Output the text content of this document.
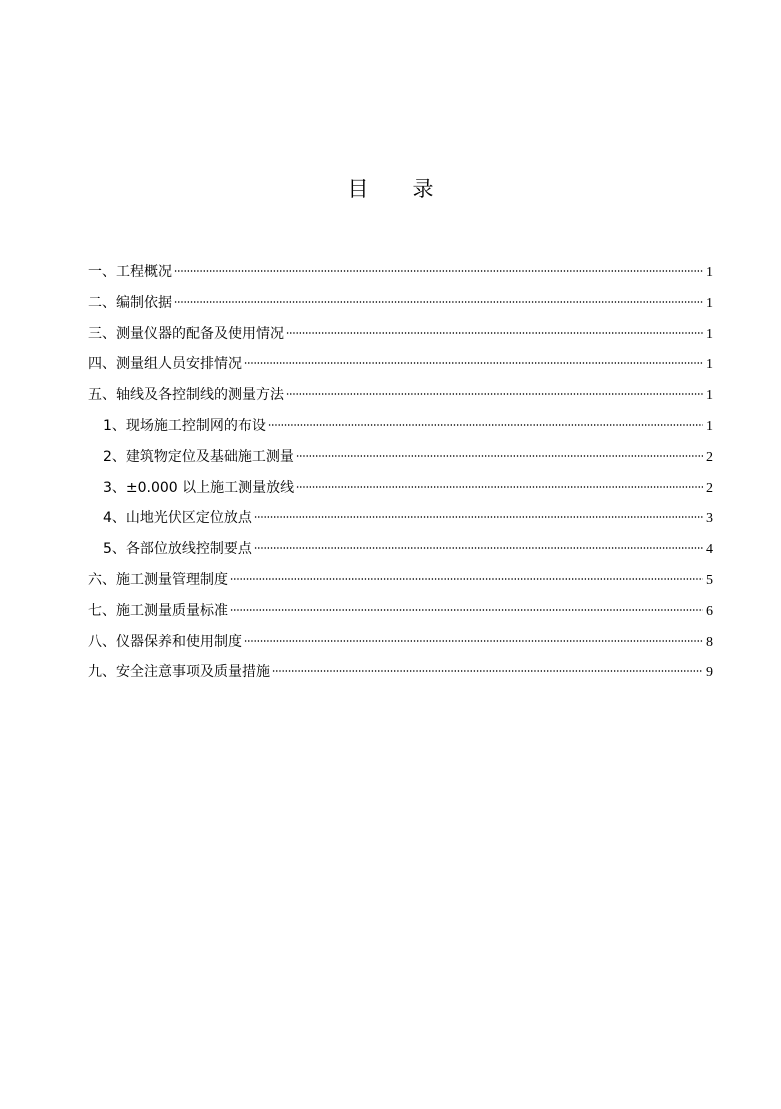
目 录
一、工程概况	1
二、编制依据	1
三、测量仪器的配备及使用情况	1
四、测量组人员安排情况	1
五、轴线及各控制线的测量方法	1
1、现场施工控制网的布设	1
2、建筑物定位及基础施工测量	2
3、±0.000 以上施工测量放线	2
4、山地光伏区定位放点	3
5、各部位放线控制要点	4
六、施工测量管理制度	5
七、施工测量质量标准	6
八、仪器保养和使用制度	8
九、安全注意事项及质量措施	9
